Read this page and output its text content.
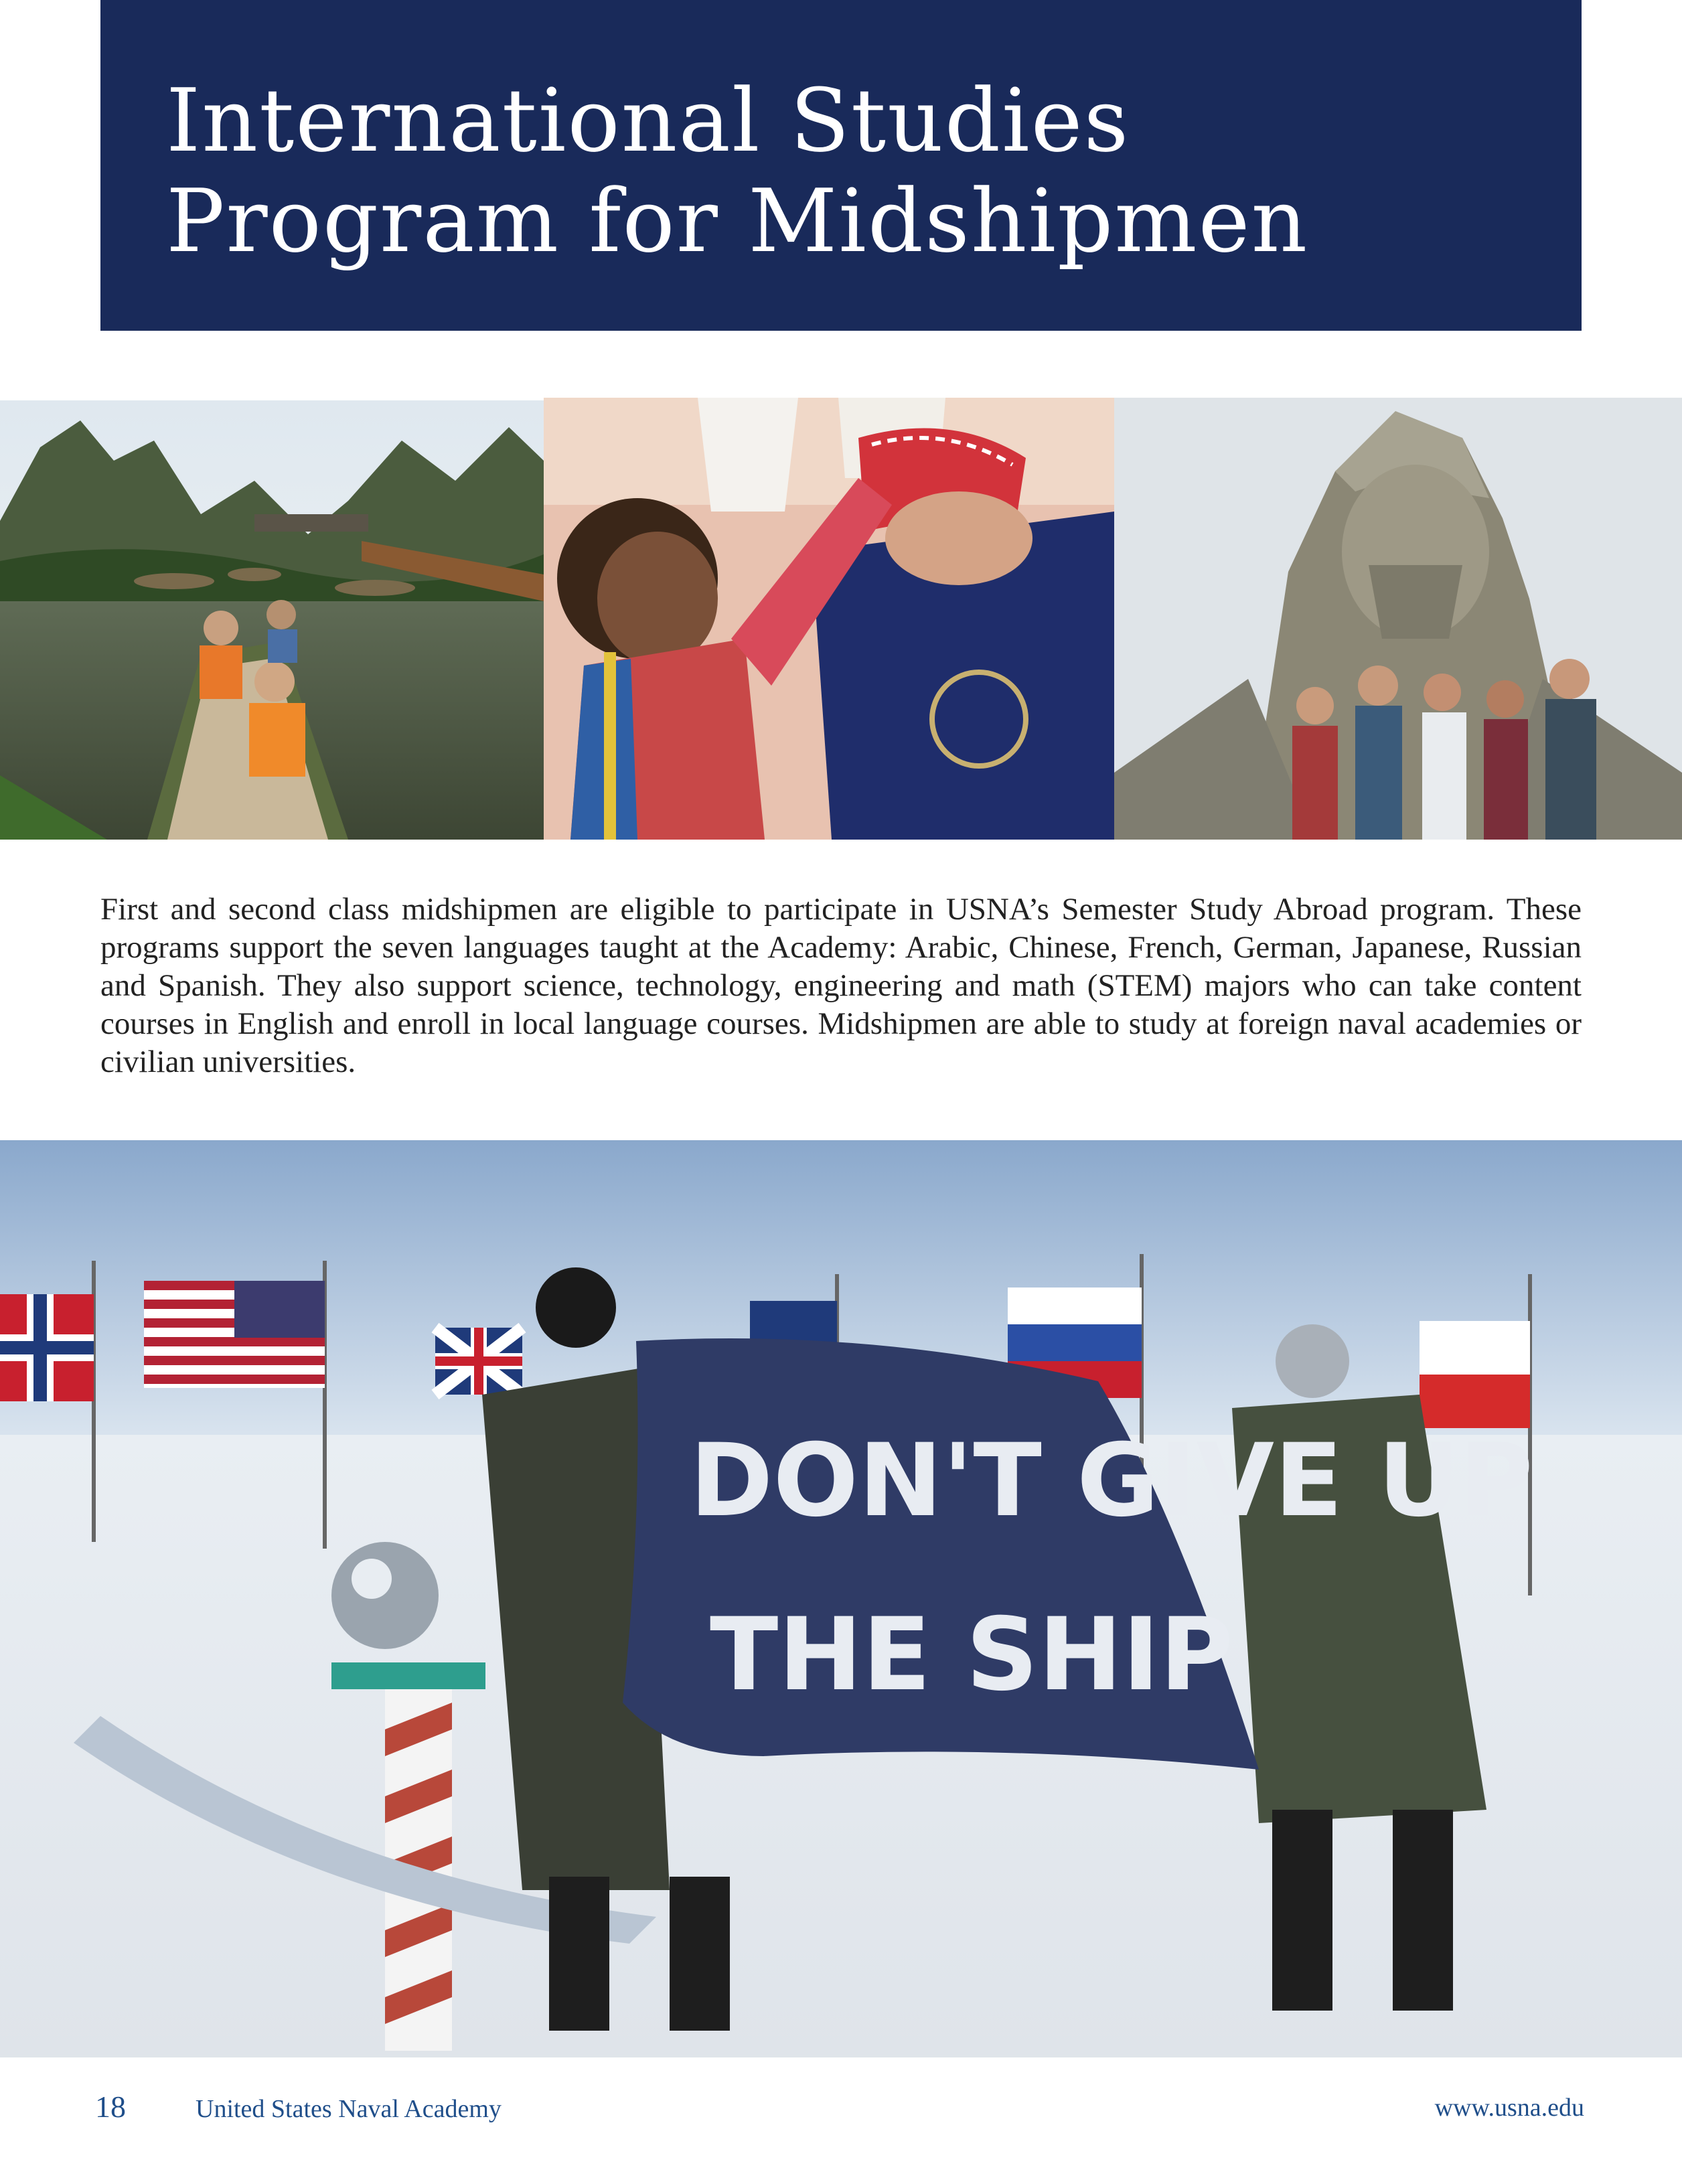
International Studies
Program for Midshipmen
First and second class midshipmen are eligible to participate in USNA’s Semester Study Abroad program. These programs support the seven languages taught at the Academy: Arabic, Chinese, French, German, Japanese, Russian and Spanish. They also support science, technology, engineering and math (STEM) majors who can take content courses in English and enroll in local language courses. Midshipmen are able to study at foreign naval academies or civilian universities.
DON'T GIVE UP
THE SHIP
18	United States Naval Academy	www.usna.edu
